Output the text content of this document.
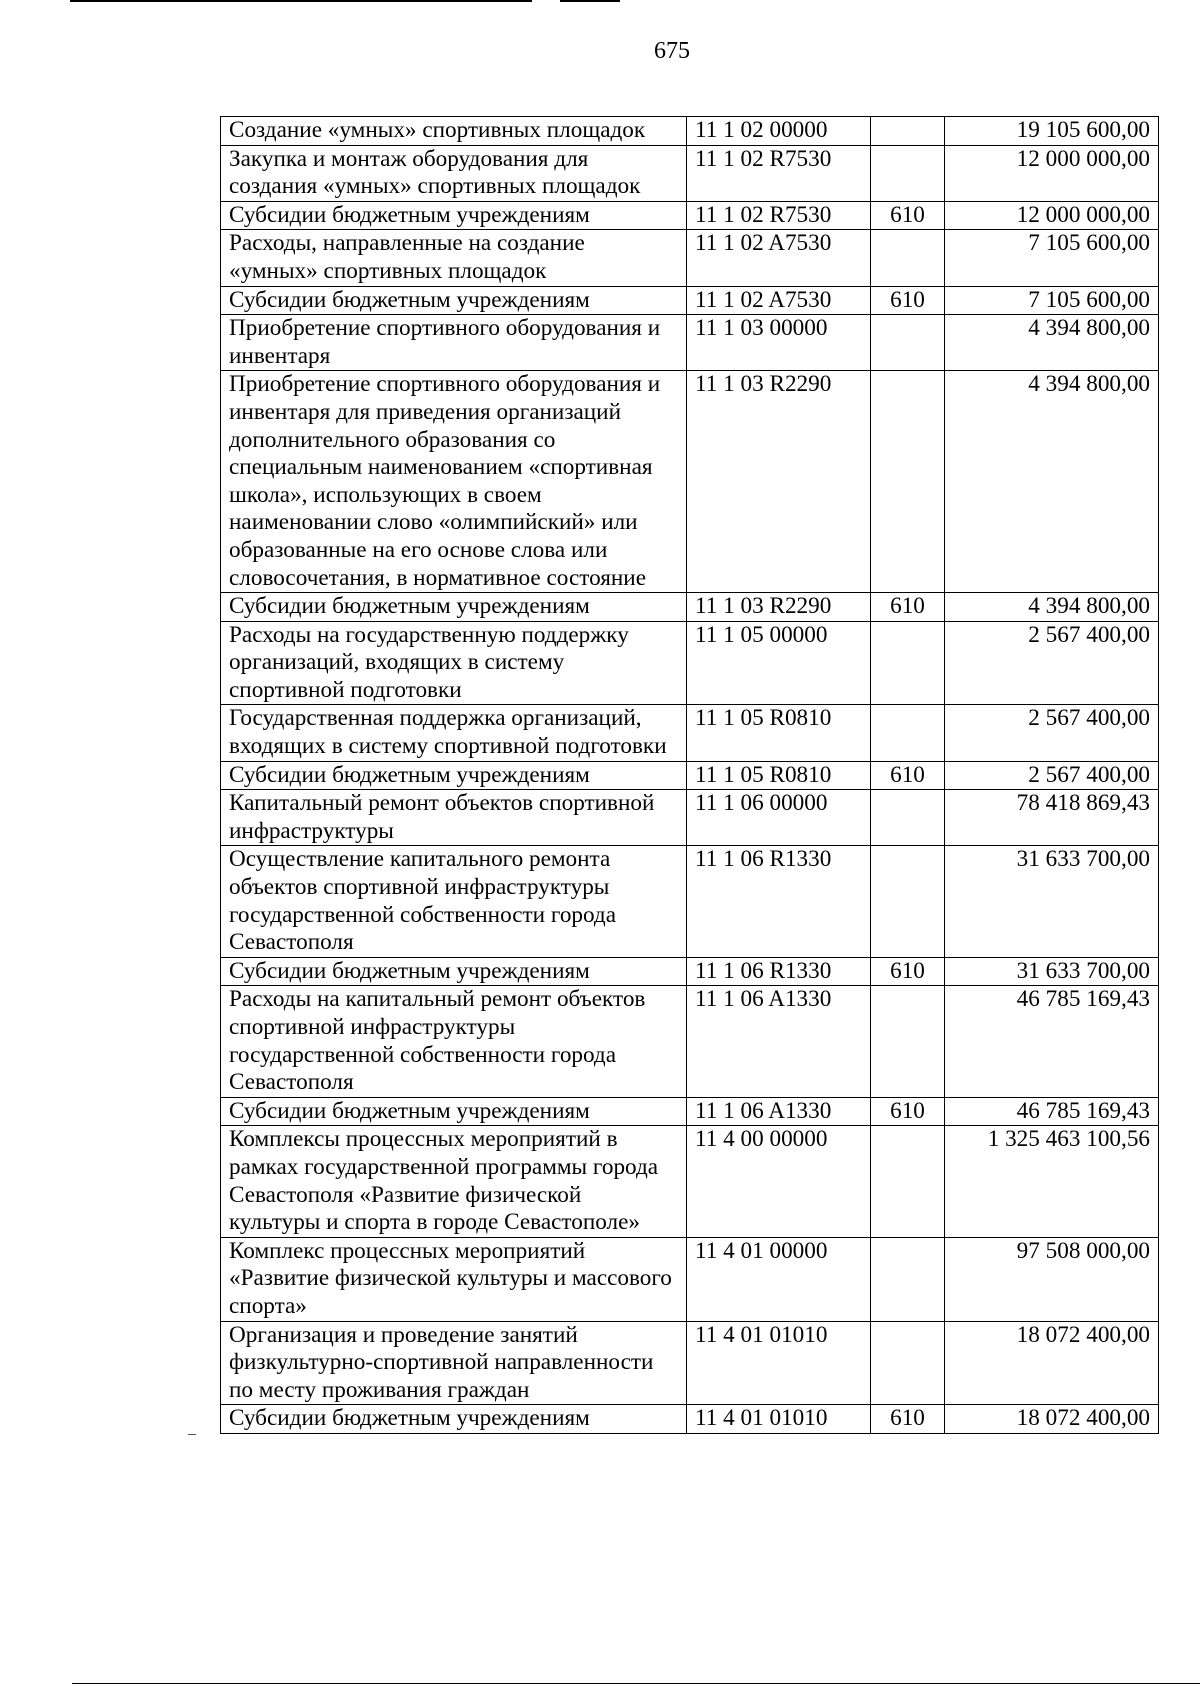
675
Создание «умных» спортивных площадок	11 1 02 00000		19 105 600,00
Закупка и монтаж оборудования для создания «умных» спортивных площадок	11 1 02 R7530		12 000 000,00
Субсидии бюджетным учреждениям	11 1 02 R7530	610	12 000 000,00
Расходы, направленные на создание «умных» спортивных площадок	11 1 02 A7530		7 105 600,00
Субсидии бюджетным учреждениям	11 1 02 A7530	610	7 105 600,00
Приобретение спортивного оборудования и инвентаря	11 1 03 00000		4 394 800,00
Приобретение спортивного оборудования и инвентаря для приведения организаций дополнительного образования со специальным наименованием «спортивная школа», использующих в своем наименовании слово «олимпийский» или образованные на его основе слова или словосочетания, в нормативное состояние	11 1 03 R2290		4 394 800,00
Субсидии бюджетным учреждениям	11 1 03 R2290	610	4 394 800,00
Расходы на государственную поддержку организаций, входящих в систему спортивной подготовки	11 1 05 00000		2 567 400,00
Государственная поддержка организаций, входящих в систему спортивной подготовки	11 1 05 R0810		2 567 400,00
Субсидии бюджетным учреждениям	11 1 05 R0810	610	2 567 400,00
Капитальный ремонт объектов спортивной инфраструктуры	11 1 06 00000		78 418 869,43
Осуществление капитального ремонта объектов спортивной инфраструктуры государственной собственности города Севастополя	11 1 06 R1330		31 633 700,00
Субсидии бюджетным учреждениям	11 1 06 R1330	610	31 633 700,00
Расходы на капитальный ремонт объектов спортивной инфраструктуры государственной собственности города Севастополя	11 1 06 A1330		46 785 169,43
Субсидии бюджетным учреждениям	11 1 06 A1330	610	46 785 169,43
Комплексы процессных мероприятий в рамках государственной программы города Севастополя «Развитие физической культуры и спорта в городе Севастополе»	11 4 00 00000		1 325 463 100,56
Комплекс процессных мероприятий «Развитие физической культуры и массового спорта»	11 4 01 00000		97 508 000,00
Организация и проведение занятий физкультурно-спортивной направленности по месту проживания граждан	11 4 01 01010		18 072 400,00
Субсидии бюджетным учреждениям	11 4 01 01010	610	18 072 400,00
